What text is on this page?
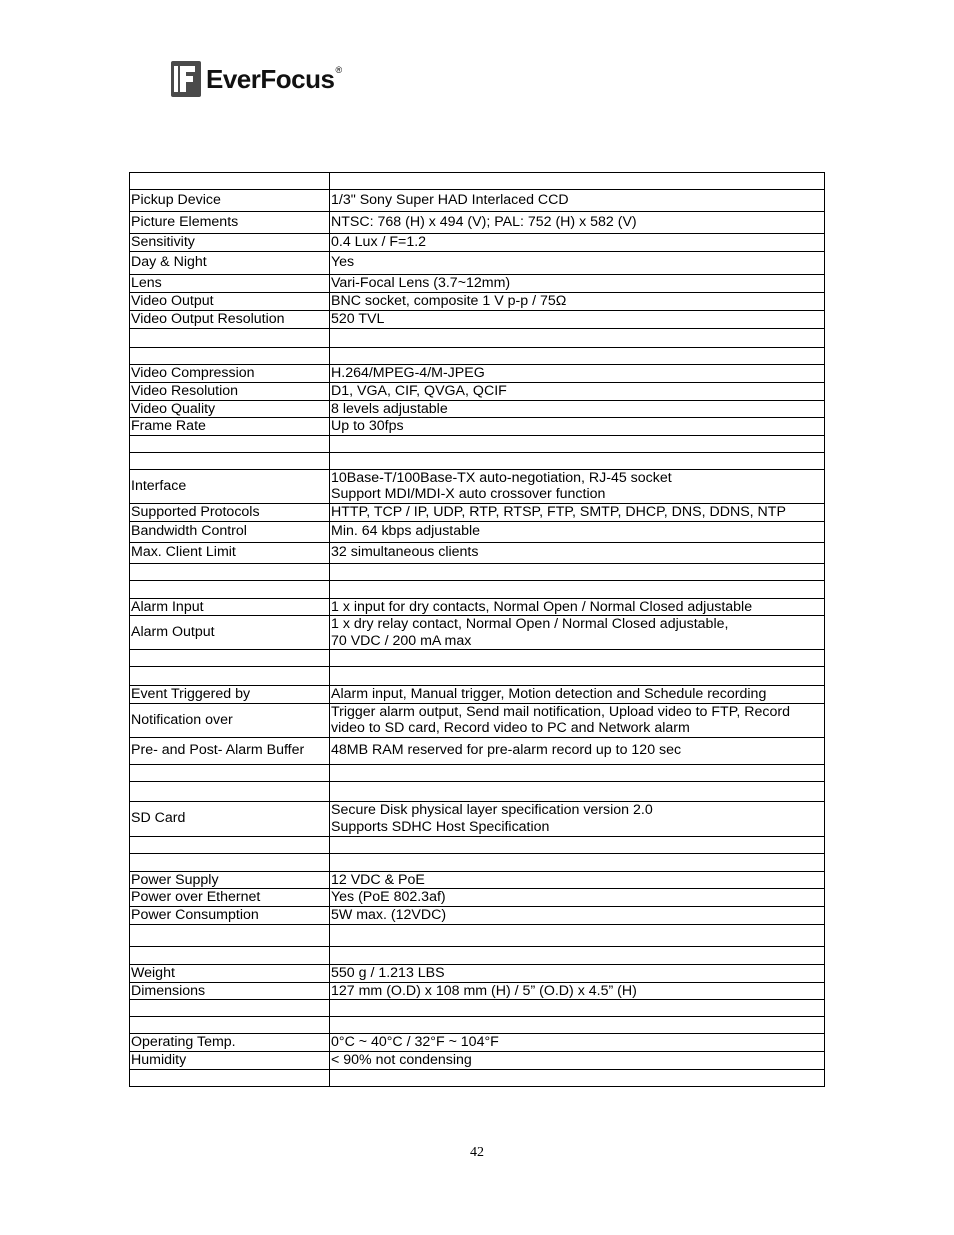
EverFocus ®

Pickup Device	1/3" Sony Super HAD Interlaced CCD

Picture Elements	NTSC: 768 (H) x 494 (V); PAL: 752 (H) x 582 (V)

Sensitivity	0.4 Lux / F=1.2

Day & Night	Yes

Lens	Vari-Focal Lens (3.7~12mm)

Video Output	BNC socket, composite 1 V p-p / 75Ω

Video Output Resolution	520 TVL

Video Compression	H.264/MPEG-4/M-JPEG

Video Resolution	D1, VGA, CIF, QVGA, QCIF

Video Quality	8 levels adjustable

Frame Rate	Up to 30fps

Interface	10Base-T/100Base-TX auto-negotiation, RJ-45 socket
Support MDI/MDI-X auto crossover function

Supported Protocols	HTTP, TCP / IP, UDP, RTP, RTSP, FTP, SMTP, DHCP, DNS, DDNS, NTP

Bandwidth Control	Min. 64 kbps adjustable

Max. Client Limit	32 simultaneous clients

Alarm Input	1 x input for dry contacts, Normal Open / Normal Closed adjustable

Alarm Output	1 x dry relay contact, Normal Open / Normal Closed adjustable,
70 VDC / 200 mA max

Event Triggered by	Alarm input, Manual trigger, Motion detection and Schedule recording

Notification over	Trigger alarm output, Send mail notification, Upload video to FTP, Record
video to SD card, Record video to PC and Network alarm

Pre- and Post- Alarm Buffer	48MB RAM reserved for pre-alarm record up to 120 sec

SD Card	Secure Disk physical layer specification version 2.0
Supports SDHC Host Specification

Power Supply	12 VDC & PoE

Power over Ethernet	Yes (PoE 802.3af)

Power Consumption	5W max. (12VDC)

Weight	550 g / 1.213 LBS

Dimensions	127 mm (O.D) x 108 mm (H) / 5” (O.D) x 4.5” (H)

Operating Temp.	0°C ~ 40°C / 32°F ~ 104°F

Humidity	< 90% not condensing

42
